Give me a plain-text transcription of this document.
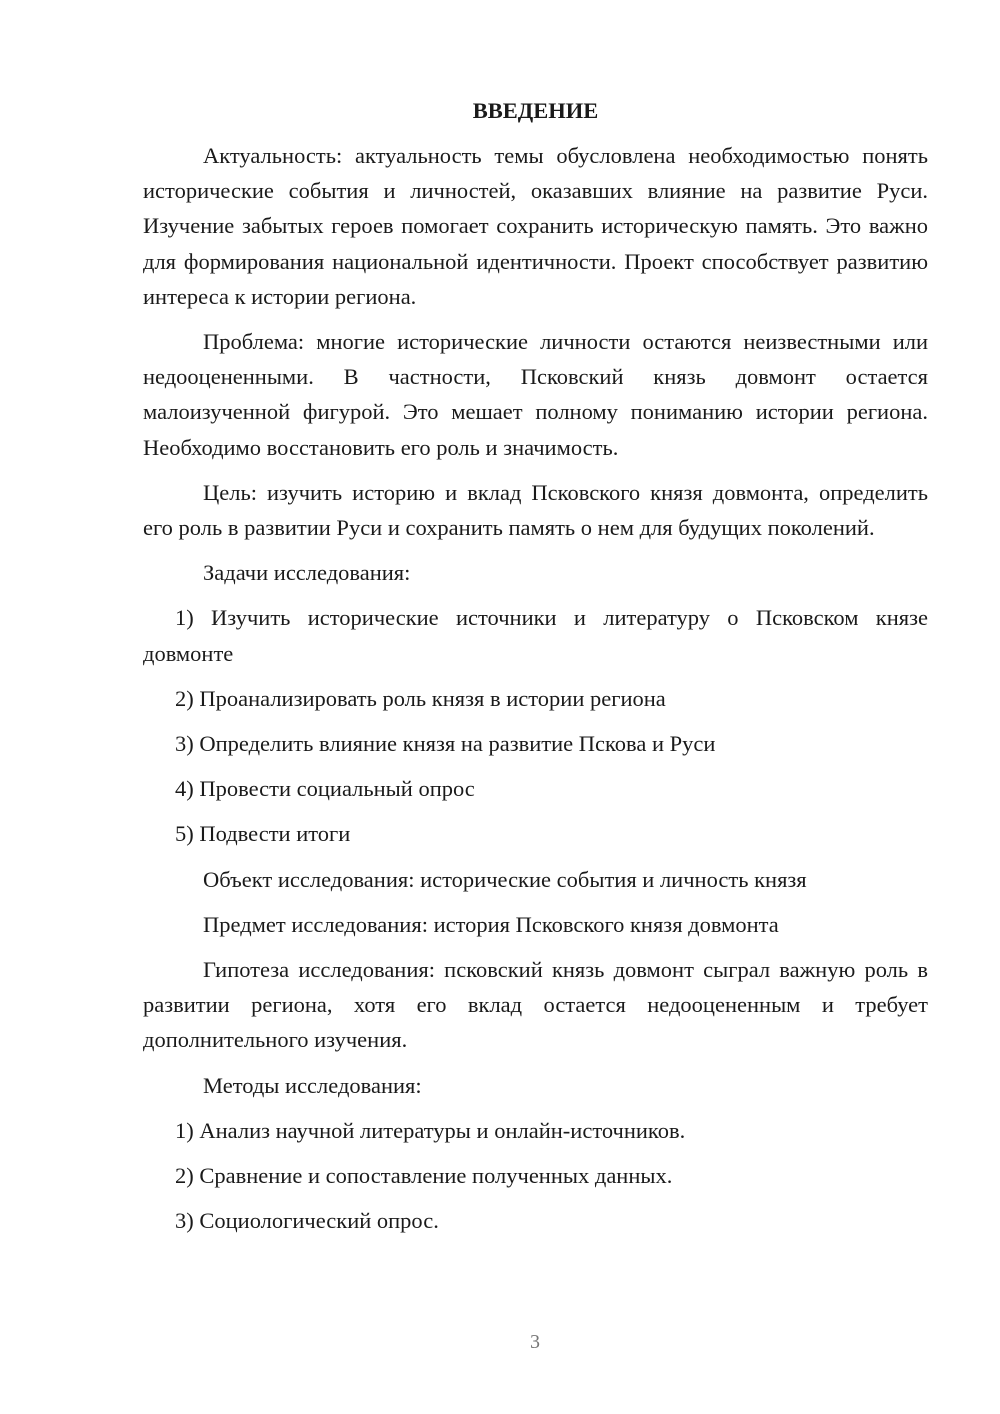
ВВЕДЕНИЕ
Актуальность: актуальность темы обусловлена необходимостью понять исторические события и личностей, оказавших влияние на развитие Руси. Изучение забытых героев помогает сохранить историческую память. Это важно для формирования национальной идентичности. Проект способствует развитию интереса к истории региона.
Проблема: многие исторические личности остаются неизвестными или недооцененными. В частности, Псковский князь довмонт остается малоизученной фигурой. Это мешает полному пониманию истории региона. Необходимо восстановить его роль и значимость.
Цель: изучить историю и вклад Псковского князя довмонта, определить его роль в развитии Руси и сохранить память о нем для будущих поколений.
Задачи исследования:
1) Изучить исторические источники и литературу о Псковском князе довмонте
2) Проанализировать роль князя в истории региона
3) Определить влияние князя на развитие Пскова и Руси
4) Провести социальный опрос
5) Подвести итоги
Объект исследования: исторические события и личность князя
Предмет исследования: история Псковского князя довмонта
Гипотеза исследования: псковский князь довмонт сыграл важную роль в развитии региона, хотя его вклад остается недооцененным и требует дополнительного изучения.
Методы исследования:
1) Анализ научной литературы и онлайн-источников.
2) Сравнение и сопоставление полученных данных.
3) Социологический опрос.
3
